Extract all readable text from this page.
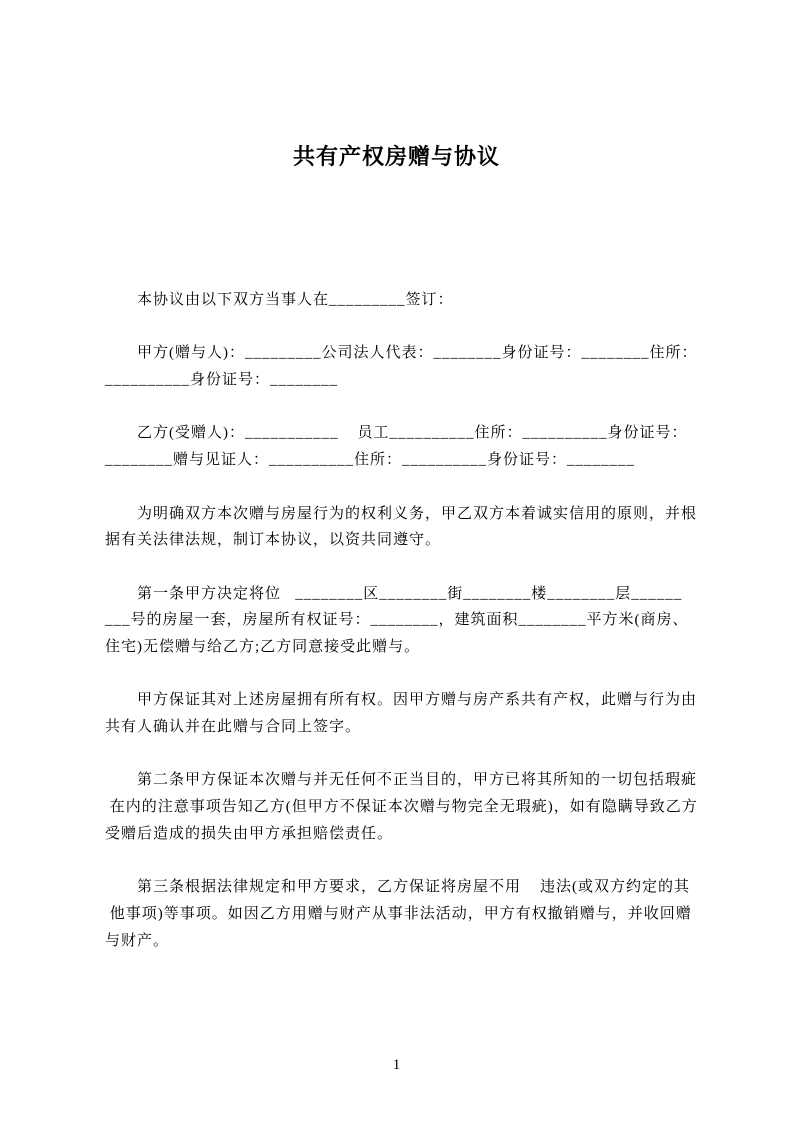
共有产权房赠与协议
本协议由以下双方当事人在_________签订：
甲方(赠与人)：_________公司法人代表：________身份证号：________住所：
__________身份证号：________
乙方(受赠人)：___________    员工__________住所：__________身份证号：
________赠与见证人：__________住所：__________身份证号：________
为明确双方本次赠与房屋行为的权利义务，甲乙双方本着诚实信用的原则，并根
据有关法律法规，制订本协议，以资共同遵守。
第一条甲方决定将位   ________区________街________楼________层______
___号的房屋一套，房屋所有权证号：________，建筑面积________平方米(商房、
住宅)无偿赠与给乙方;乙方同意接受此赠与。
甲方保证其对上述房屋拥有所有权。因甲方赠与房产系共有产权，此赠与行为由
共有人确认并在此赠与合同上签字。
第二条甲方保证本次赠与并无任何不正当目的，甲方已将其所知的一切包括瑕疵
在内的注意事项告知乙方(但甲方不保证本次赠与物完全无瑕疵)，如有隐瞒导致乙方
受赠后造成的损失由甲方承担赔偿责任。
第三条根据法律规定和甲方要求，乙方保证将房屋不用    违法(或双方约定的其
他事项)等事项。如因乙方用赠与财产从事非法活动，甲方有权撤销赠与，并收回赠
与财产。
1
